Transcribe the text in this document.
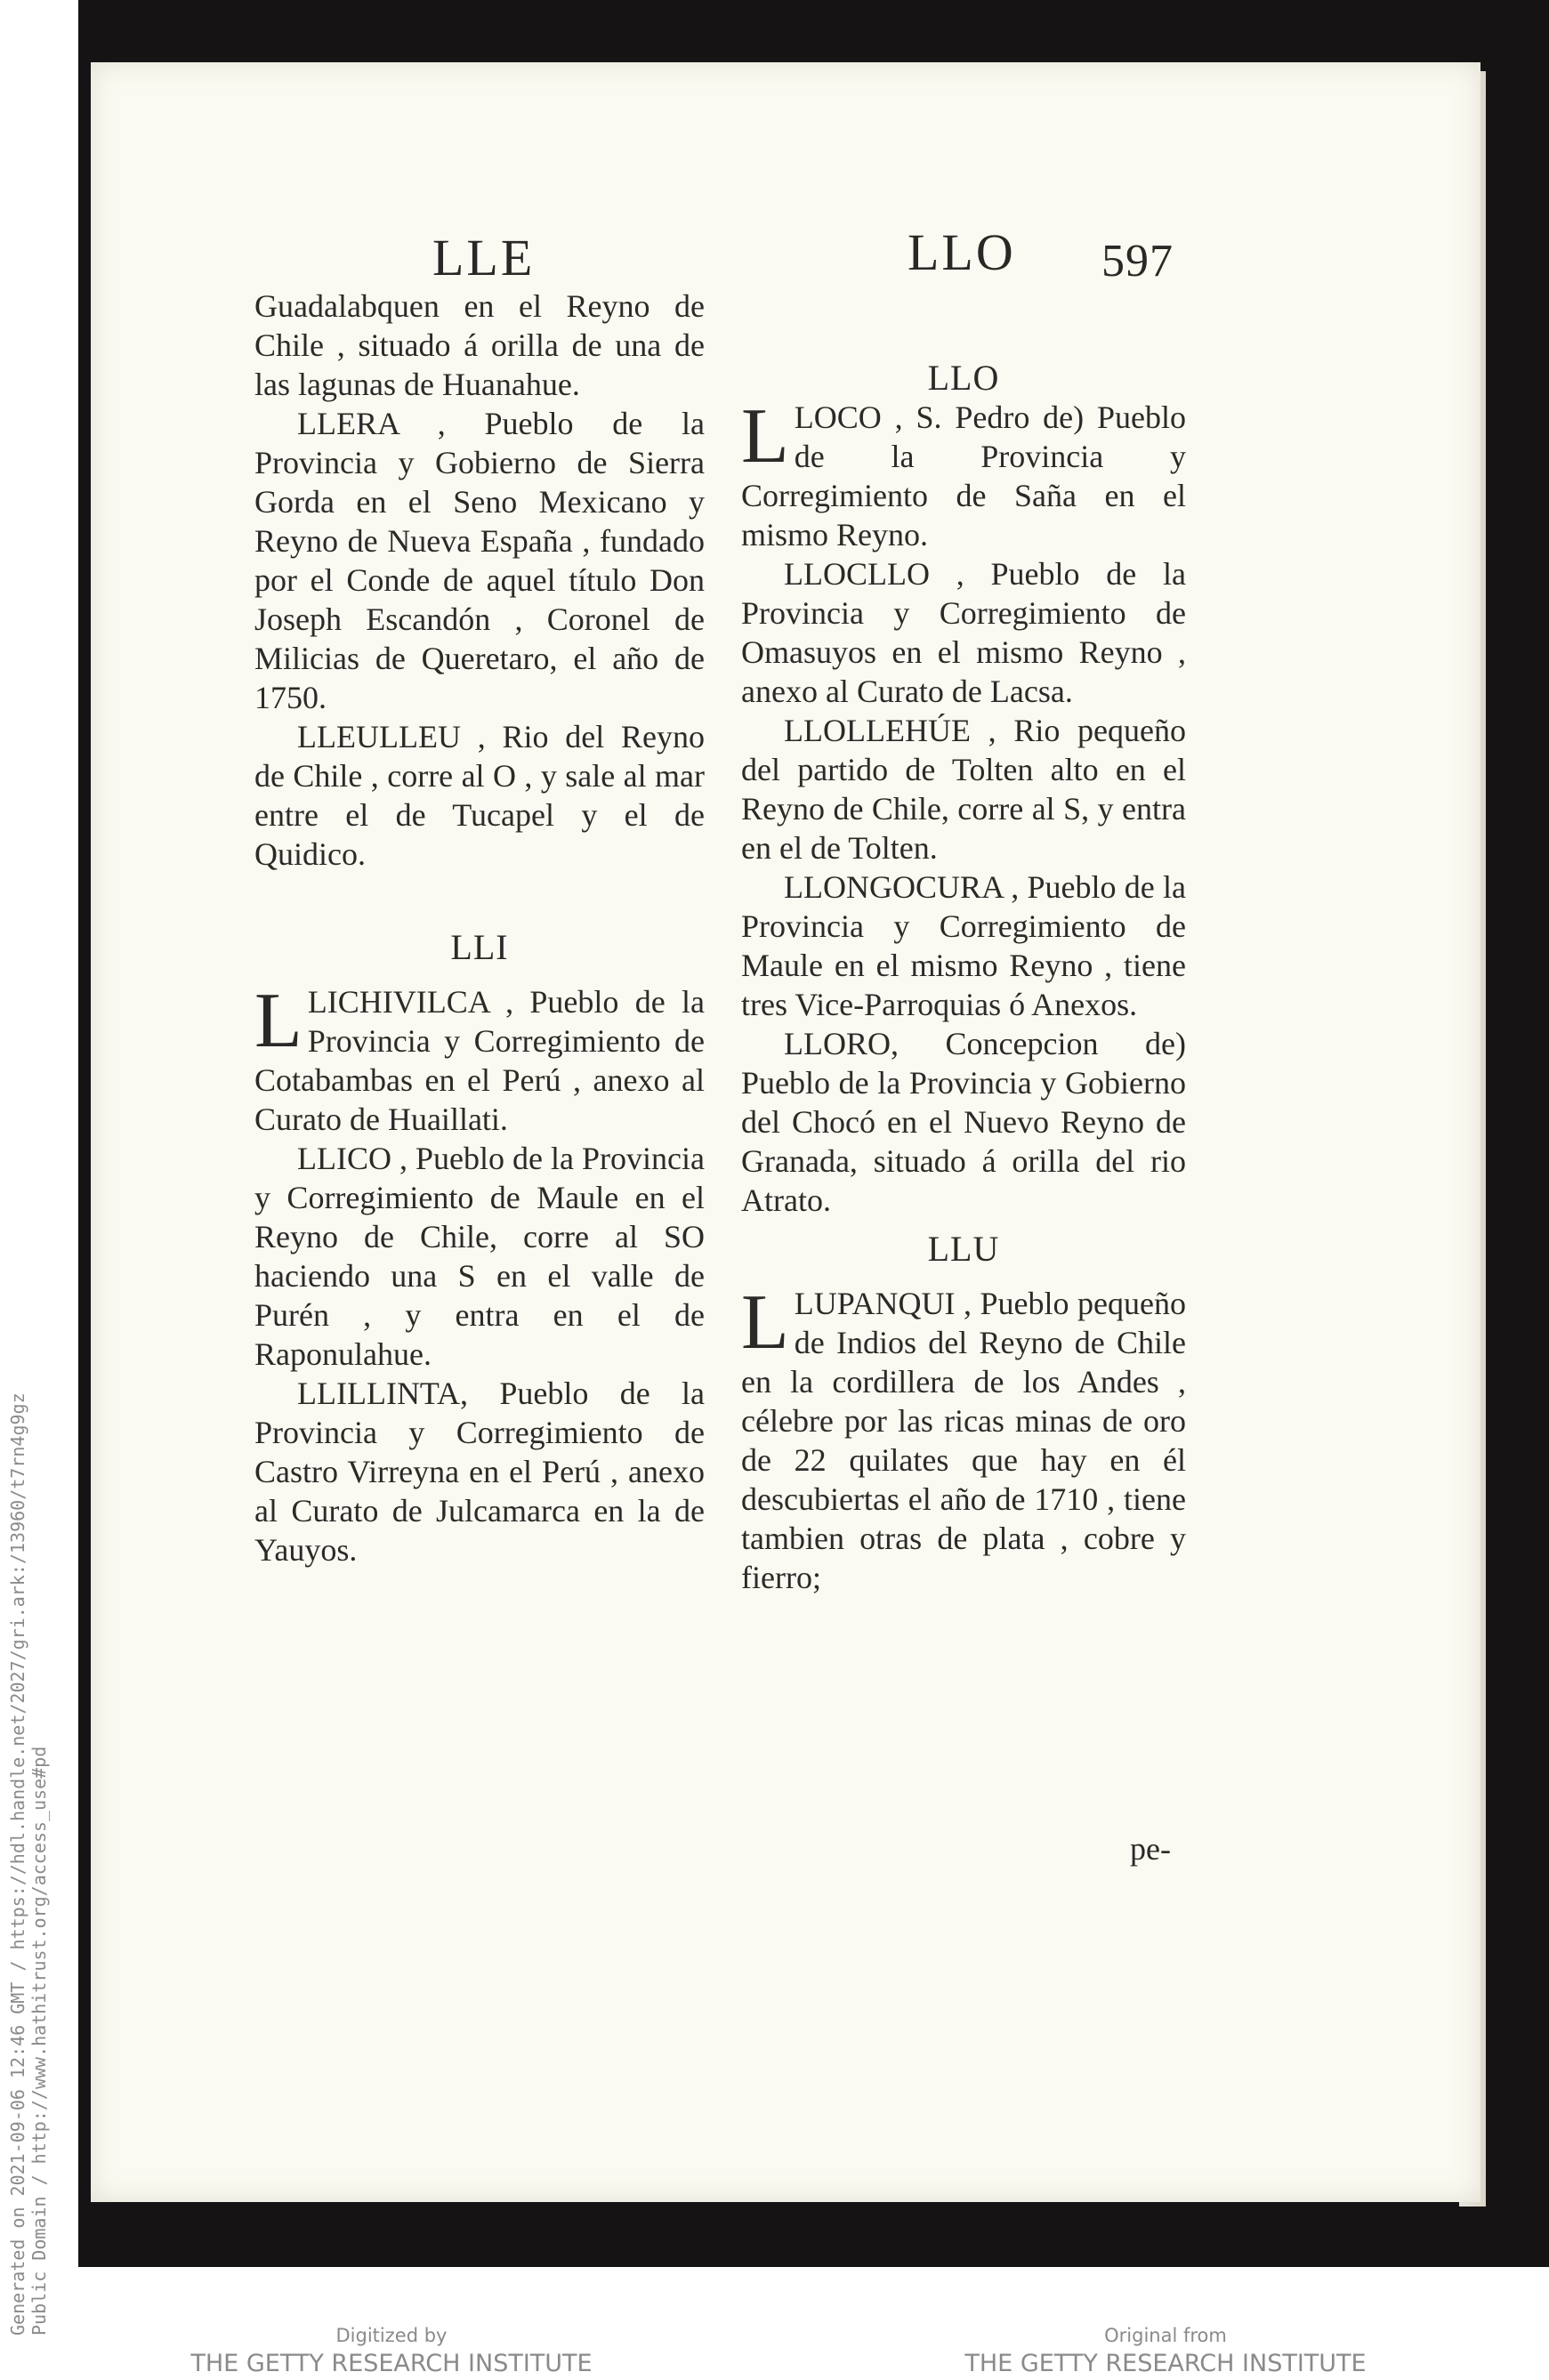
LLE	LLO 597

Guadalabquen en el Reyno de Chile , situado á orilla de una de las lagunas de Huanahue.

LLERA , Pueblo de la Provincia y Gobierno de Sierra Gorda en el Seno Mexicano y Reyno de Nueva España , fundado por el Conde de aquel título Don Joseph Escandón , Coronel de Milicias de Queretaro, el año de 1750.

LLEULLEU , Rio del Reyno de Chile , corre al O , y sale al mar entre el de Tucapel y el de Quidico.

LLI

L LICHIVILCA , Pueblo de la Provincia y Corregimiento de Cotabambas en el Perú , anexo al Curato de Huaillati.

LLICO , Pueblo de la Provincia y Corregimiento de Maule en el Reyno de Chile, corre al SO haciendo una S en el valle de Purén , y entra en el de Raponulahue.

LLILLINTA, Pueblo de la Provincia y Corregimiento de Castro Virreyna en el Perú , anexo al Curato de Julcamarca en la de Yauyos.

LLO

L LOCO , S. Pedro de) Pueblo de la Provincia y Corregimiento de Saña en el mismo Reyno.

LLOCLLO , Pueblo de la Provincia y Corregimiento de Omasuyos en el mismo Reyno , anexo al Curato de Lacsa.

LLOLLEHÚE , Rio pequeño del partido de Tolten alto en el Reyno de Chile, corre al S, y entra en el de Tolten.

LLONGOCURA , Pueblo de la Provincia y Corregimiento de Maule en el mismo Reyno , tiene tres Vice-Parroquias ó Anexos.

LLORO, Concepcion de) Pueblo de la Provincia y Gobierno del Chocó en el Nuevo Reyno de Granada, situado á orilla del rio Atrato.

LLU

L LUPANQUI , Pueblo pequeño de Indios del Reyno de Chile en la cordillera de los Andes , célebre por las ricas minas de oro de 22 quilates que hay en él descubiertas el año de 1710 , tiene tambien otras de plata , cobre y fierro;

pe-
Generated on 2021-09-06 12:46 GMT / https://hdl.handle.net/2027/gri.ark:/13960/t7rn4g9gz Public Domain / http://www.hathitrust.org/access_use#pd	Digitized by
THE GETTY RESEARCH INSTITUTE
Original from
THE GETTY RESEARCH INSTITUTE
